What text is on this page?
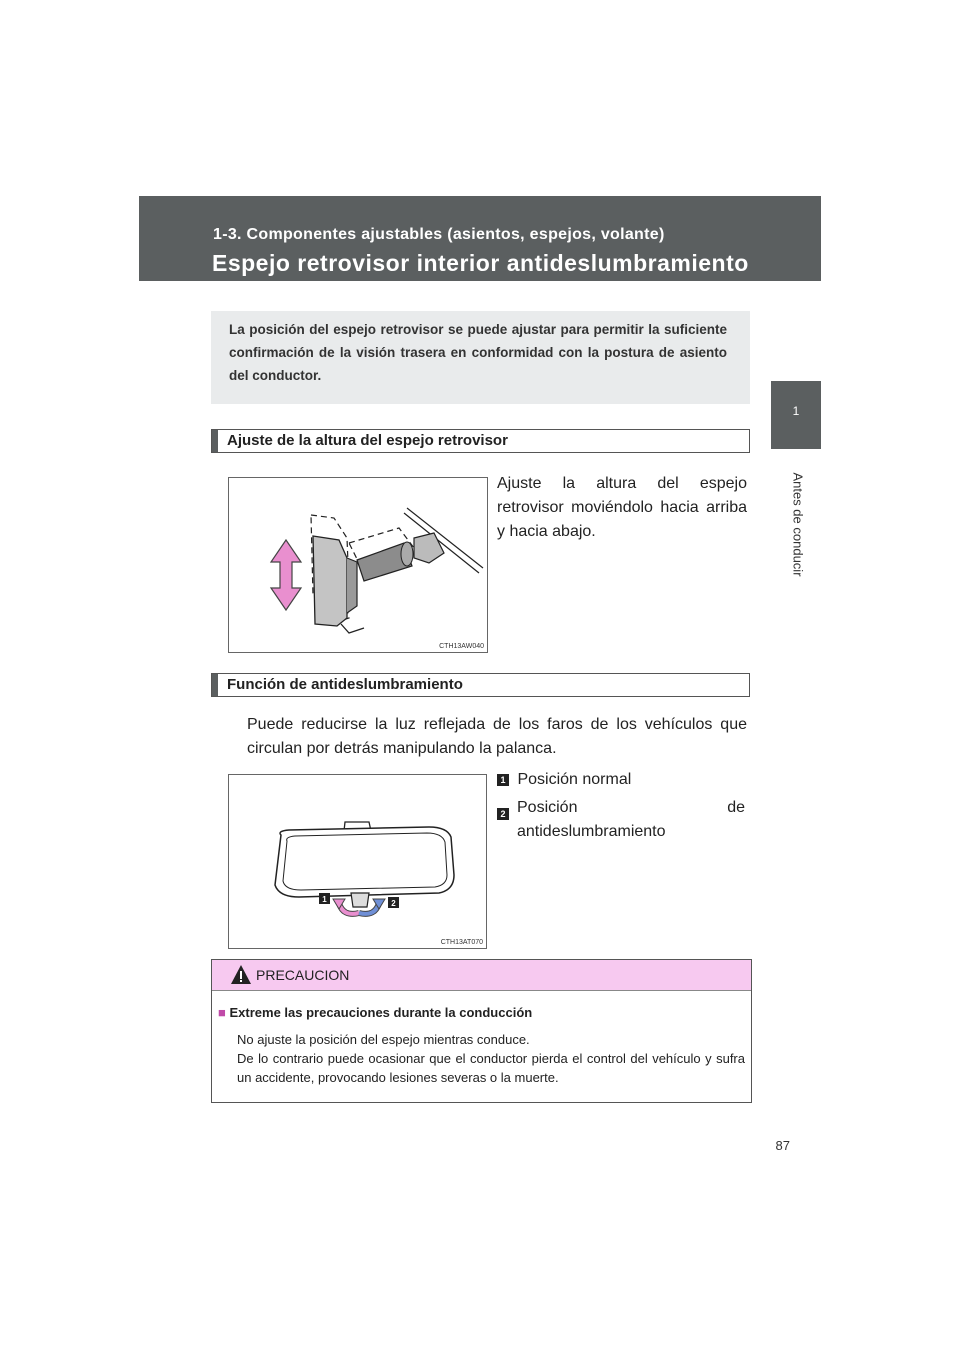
1-3. Componentes ajustables (asientos, espejos, volante)
Espejo retrovisor interior antideslumbramiento
1
Antes de conducir
La posición del espejo retrovisor se puede ajustar para permitir la suficiente confirmación de la visión trasera en conformidad con la postura de asiento del conductor.
Ajuste de la altura del espejo retrovisor
CTH13AW040
Ajuste la altura del espejo retrovisor moviéndolo hacia arriba y hacia abajo.
Función de antideslumbramiento
Puede reducirse la luz reflejada de los faros de los vehículos que circulan por detrás manipulando la palanca.
1 Posición normal
2 Posición de antideslumbramiento
1	2
CTH13AT070
PRECAUCION
■ Extreme las precauciones durante la conducción
No ajuste la posición del espejo mientras conduce.
De lo contrario puede ocasionar que el conductor pierda el control del vehículo y sufra un accidente, provocando lesiones severas o la muerte.
87
